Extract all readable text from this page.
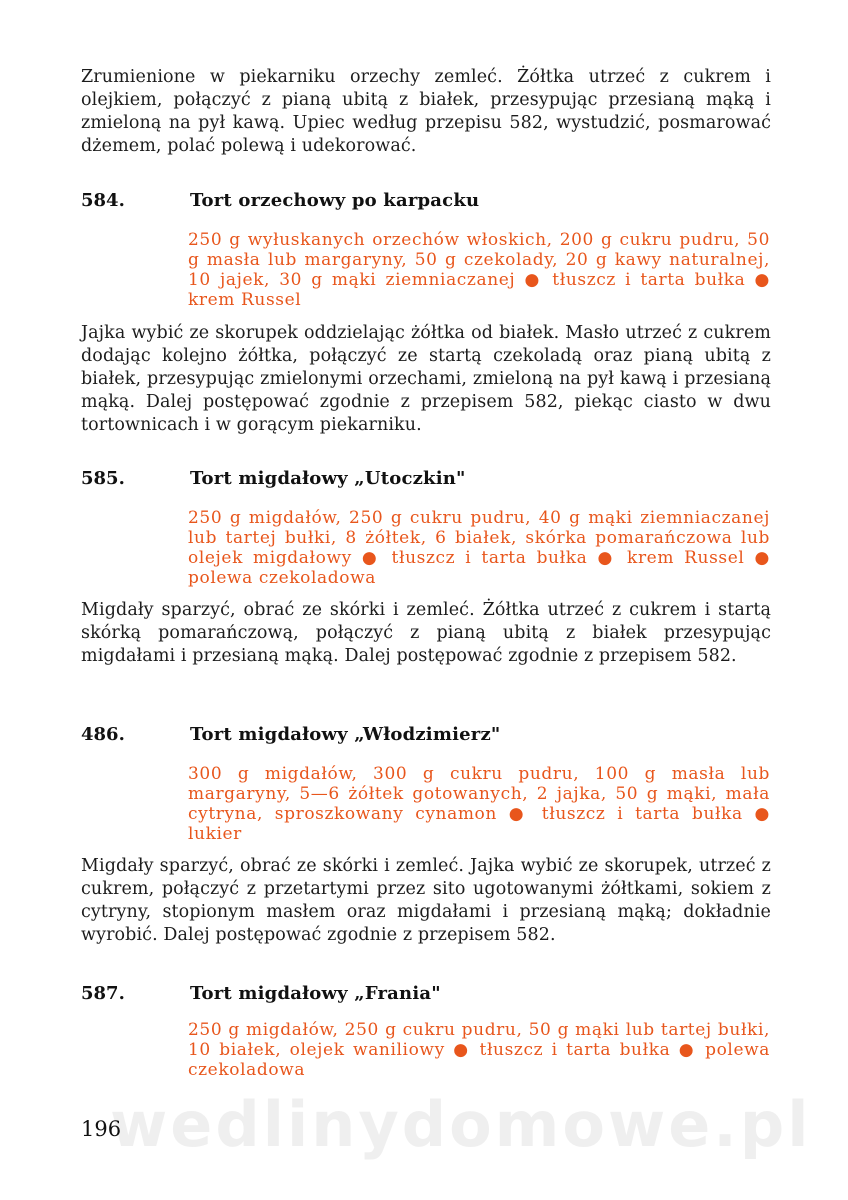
Zrumienione w piekarniku orzechy zemleć. Żółtka utrzeć z cukrem i olejkiem, połączyć z pianą ubitą z białek, przesypując przesianą mąką i zmieloną na pył kawą. Upiec według przepisu 582, wystudzić, posmarować dżemem, polać polewą i udekorować.

584.	Tort orzechowy po karpacku

250 g wyłuskanych orzechów włoskich, 200 g cukru pudru, 50 g masła lub margaryny, 50 g czekolady, 20 g kawy naturalnej, 10 jajek, 30 g mąki ziemniaczanej ● tłuszcz i tarta bułka ● krem Russel

Jajka wybić ze skorupek oddzielając żółtka od białek. Masło utrzeć z cukrem dodając kolejno żółtka, połączyć ze startą czekoladą oraz pianą ubitą z białek, przesypując zmielonymi orzechami, zmieloną na pył kawą i przesianą mąką. Dalej postępować zgodnie z przepisem 582, piekąc ciasto w dwu tortownicach i w gorącym piekarniku.

585.	Tort migdałowy „Utoczkin"

250 g migdałów, 250 g cukru pudru, 40 g mąki ziemniaczanej lub tartej bułki, 8 żółtek, 6 białek, skórka pomarańczowa lub olejek migdałowy ● tłuszcz i tarta bułka ● krem Russel ● polewa czekoladowa

Migdały sparzyć, obrać ze skórki i zemleć. Żółtka utrzeć z cukrem i startą skórką pomarańczową, połączyć z pianą ubitą z białek przesypując migdałami i przesianą mąką. Dalej postępować zgodnie z przepisem 582.

486.	Tort migdałowy „Włodzimierz"

300 g migdałów, 300 g cukru pudru, 100 g masła lub margaryny, 5—6 żółtek gotowanych, 2 jajka, 50 g mąki, mała cytryna, sproszkowany cynamon ● tłuszcz i tarta bułka ● lukier

Migdały sparzyć, obrać ze skórki i zemleć. Jajka wybić ze skorupek, utrzeć z cukrem, połączyć z przetartymi przez sito ugotowanymi żółtkami, sokiem z cytryny, stopionym masłem oraz migdałami i przesianą mąką; dokładnie wyrobić. Dalej postępować zgodnie z przepisem 582.

587.	Tort migdałowy „Frania"

250 g migdałów, 250 g cukru pudru, 50 g mąki lub tartej bułki, 10 białek, olejek waniliowy ● tłuszcz i tarta bułka ● polewa czekoladowa

wedlinydomowe.pl
196
